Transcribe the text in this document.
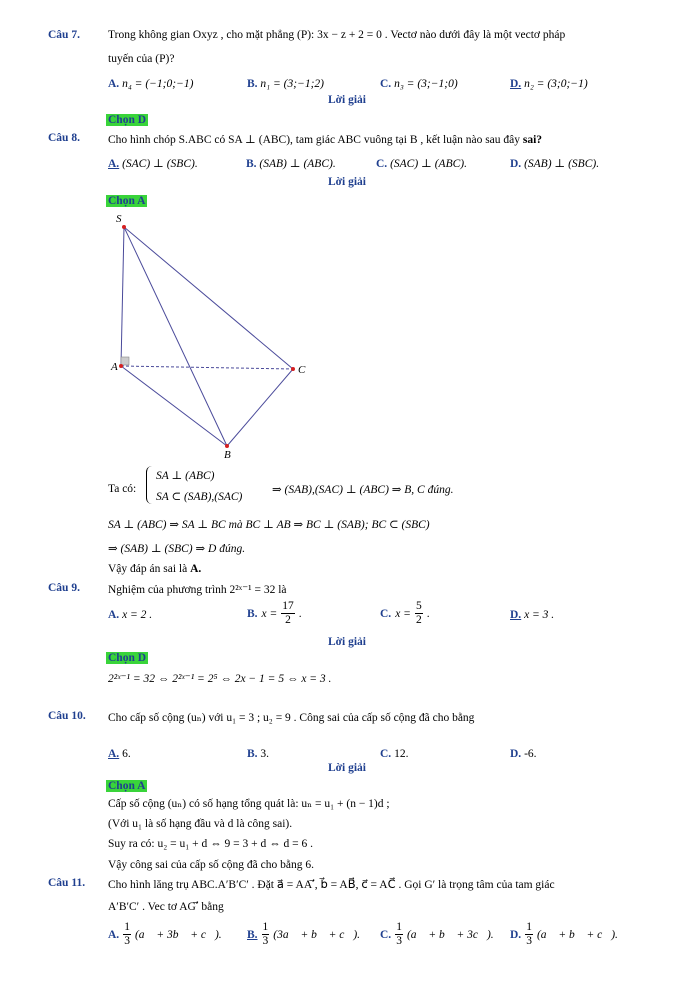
Câu 7. Trong không gian Oxyz , cho mặt phẳng (P): 3x − z + 2 = 0 . Vectơ nào dưới đây là một vectơ pháp
tuyến của (P)?
A. n₄ = (−1;0;−1)	B. n₁ = (3;−1;2)	C. n₃ = (3;−1;0)	D. n₂ = (3;0;−1)
Lời giải
Chọn D
Câu 8. Cho hình chóp S.ABC có SA ⊥ (ABC), tam giác ABC vuông tại B , kết luận nào sau đây sai?
A. (SAC) ⊥ (SBC).	B. (SAB) ⊥ (ABC).	C. (SAC) ⊥ (ABC).	D. (SAB) ⊥ (SBC).
Lời giải
Chọn A
S
A	C
B
Ta có:
SA ⊥ (ABC)
SA ⊂ (SAB),(SAC)
⇒ (SAB),(SAC) ⊥ (ABC) ⇒ B, C đúng.
SA ⊥ (ABC) ⇒ SA ⊥ BC mà BC ⊥ AB ⇒ BC ⊥ (SAB); BC ⊂ (SBC)
⇒ (SAB) ⊥ (SBC) ⇒ D đúng.
Vậy đáp án sai là A.
Câu 9. Nghiệm của phương trình 2²ˣ⁻¹ = 32 là
A. x = 2 .	B. $x = \frac{17}{2}$ .	C. $x = \frac{5}{2}$ .	D. x = 3 .
Lời giải
Chọn D
2²ˣ⁻¹ = 32 ⇔ 2²ˣ⁻¹ = 2⁵ ⇔ 2x − 1 = 5 ⇔ x = 3 .
Câu 10. Cho cấp số cộng (uₙ) với u₁ = 3 ; u₂ = 9 . Công sai của cấp số cộng đã cho bằng
A. 6.	B. 3.	C. 12.	D. -6.
Lời giải
Chọn A
Cấp số cộng (uₙ) có số hạng tổng quát là: uₙ = u₁ + (n − 1)d ;
(Với u₁ là số hạng đầu và d là công sai).
Suy ra có: u₂ = u₁ + d ⇔ 9 = 3 + d ⇔ d = 6 .
Vậy công sai của cấp số cộng đã cho bằng 6.
Câu 11. Cho hình lăng trụ ABC.A′B′C′ . Đặt a⃗ = AA′⃗, b⃗ = AB⃗, c⃗ = AC⃗ . Gọi G′ là trọng tâm của tam giác
A′B′C′ . Vec tơ AG′⃗ bằng
A. $\frac{1}{3}$ (a⃗ + 3b⃗ + c⃗). B. $\frac{1}{3}$ (3a⃗ + b⃗ + c⃗). C. $\frac{1}{3}$ (a⃗ + b⃗ + 3c⃗). D. $\frac{1}{3}$ (a⃗ + b⃗ + c⃗).
